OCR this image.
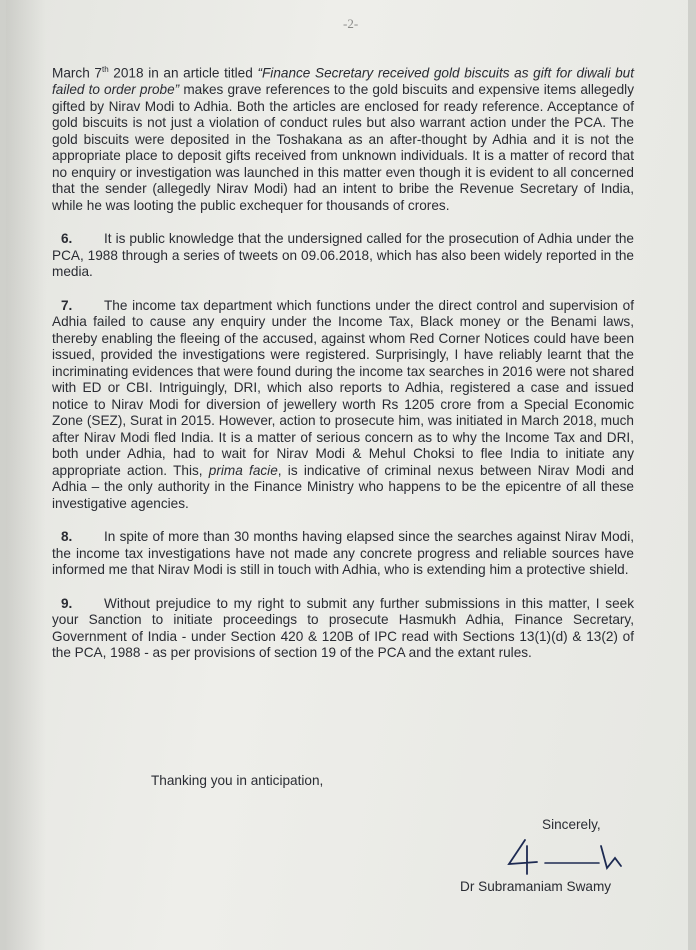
-2-

March 7th 2018 in an article titled “Finance Secretary received gold biscuits as gift for diwali but failed to order probe” makes grave references to the gold biscuits and expensive items allegedly gifted by Nirav Modi to Adhia. Both the articles are enclosed for ready reference. Acceptance of gold biscuits is not just a violation of conduct rules but also warrant action under the PCA. The gold biscuits were deposited in the Toshakana as an after-thought by Adhia and it is not the appropriate place to deposit gifts received from unknown individuals. It is a matter of record that no enquiry or investigation was launched in this matter even though it is evident to all concerned that the sender (allegedly Nirav Modi) had an intent to bribe the Revenue Secretary of India, while he was looting the public exchequer for thousands of crores.

6. It is public knowledge that the undersigned called for the prosecution of Adhia under the PCA, 1988 through a series of tweets on 09.06.2018, which has also been widely reported in the media.

7. The income tax department which functions under the direct control and supervision of Adhia failed to cause any enquiry under the Income Tax, Black money or the Benami laws, thereby enabling the fleeing of the accused, against whom Red Corner Notices could have been issued, provided the investigations were registered. Surprisingly, I have reliably learnt that the incriminating evidences that were found during the income tax searches in 2016 were not shared with ED or CBI. Intriguingly, DRI, which also reports to Adhia, registered a case and issued notice to Nirav Modi for diversion of jewellery worth Rs 1205 crore from a Special Economic Zone (SEZ), Surat in 2015. However, action to prosecute him, was initiated in March 2018, much after Nirav Modi fled India. It is a matter of serious concern as to why the Income Tax and DRI, both under Adhia, had to wait for Nirav Modi & Mehul Choksi to flee India to initiate any appropriate action. This, prima facie, is indicative of criminal nexus between Nirav Modi and Adhia – the only authority in the Finance Ministry who happens to be the epicentre of all these investigative agencies.

8. In spite of more than 30 months having elapsed since the searches against Nirav Modi, the income tax investigations have not made any concrete progress and reliable sources have informed me that Nirav Modi is still in touch with Adhia, who is extending him a protective shield.

9. Without prejudice to my right to submit any further submissions in this matter, I seek your Sanction to initiate proceedings to prosecute Hasmukh Adhia, Finance Secretary, Government of India - under Section 420 & 120B of IPC read with Sections 13(1)(d) & 13(2) of the PCA, 1988 - as per provisions of section 19 of the PCA and the extant rules.

Thanking you in anticipation,
Sincerely,
Dr Subramaniam Swamy
